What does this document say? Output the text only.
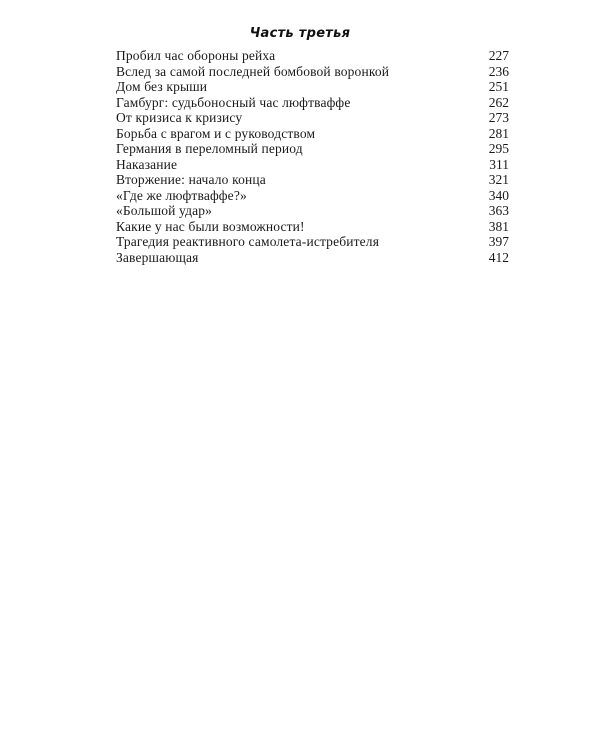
Часть третья
Пробил час обороны рейха	227
Вслед за самой последней бомбовой воронкой	236
Дом без крыши	251
Гамбург: судьбоносный час люфтваффе	262
От кризиса к кризису	273
Борьба с врагом и с руководством	281
Германия в переломный период	295
Наказание	311
Вторжение: начало конца	321
«Где же люфтваффе?»	340
«Большой удар»	363
Какие у нас были возможности!	381
Трагедия реактивного самолета-истребителя	397
Завершающая	412
